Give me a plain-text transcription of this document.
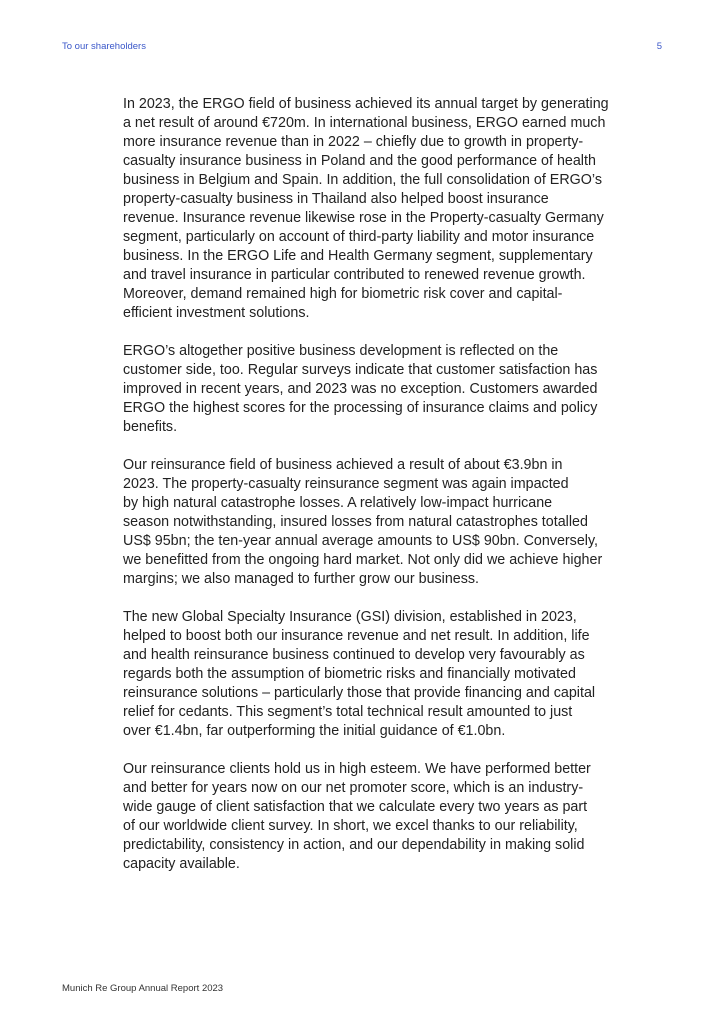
To our shareholders	5

In 2023, the ERGO field of business achieved its annual target by generating
a net result of around €720m. In international business, ERGO earned much
more insurance revenue than in 2022 – chiefly due to growth in property-
casualty insurance business in Poland and the good performance of health
business in Belgium and Spain. In addition, the full consolidation of ERGO’s
property-casualty business in Thailand also helped boost insurance
revenue. Insurance revenue likewise rose in the Property-casualty Germany
segment, particularly on account of third-party liability and motor insurance
business. In the ERGO Life and Health Germany segment, supplementary
and travel insurance in particular contributed to renewed revenue growth.
Moreover, demand remained high for biometric risk cover and capital-
efficient investment solutions.

ERGO’s altogether positive business development is reflected on the
customer side, too. Regular surveys indicate that customer satisfaction has
improved in recent years, and 2023 was no exception. Customers awarded
ERGO the highest scores for the processing of insurance claims and policy
benefits.

Our reinsurance field of business achieved a result of about €3.9bn in
2023. The property-casualty reinsurance segment was again impacted
by high natural catastrophe losses. A relatively low-impact hurricane
season notwithstanding, insured losses from natural catastrophes totalled
US$ 95bn; the ten-year annual average amounts to US$ 90bn. Conversely,
we benefitted from the ongoing hard market. Not only did we achieve higher
margins; we also managed to further grow our business.

The new Global Specialty Insurance (GSI) division, established in 2023,
helped to boost both our insurance revenue and net result. In addition, life
and health reinsurance business continued to develop very favourably as
regards both the assumption of biometric risks and financially motivated
reinsurance solutions – particularly those that provide financing and capital
relief for cedants. This segment’s total technical result amounted to just
over €1.4bn, far outperforming the initial guidance of €1.0bn.

Our reinsurance clients hold us in high esteem. We have performed better
and better for years now on our net promoter score, which is an industry-
wide gauge of client satisfaction that we calculate every two years as part
of our worldwide client survey. In short, we excel thanks to our reliability,
predictability, consistency in action, and our dependability in making solid
capacity available.

Munich Re Group Annual Report 2023
